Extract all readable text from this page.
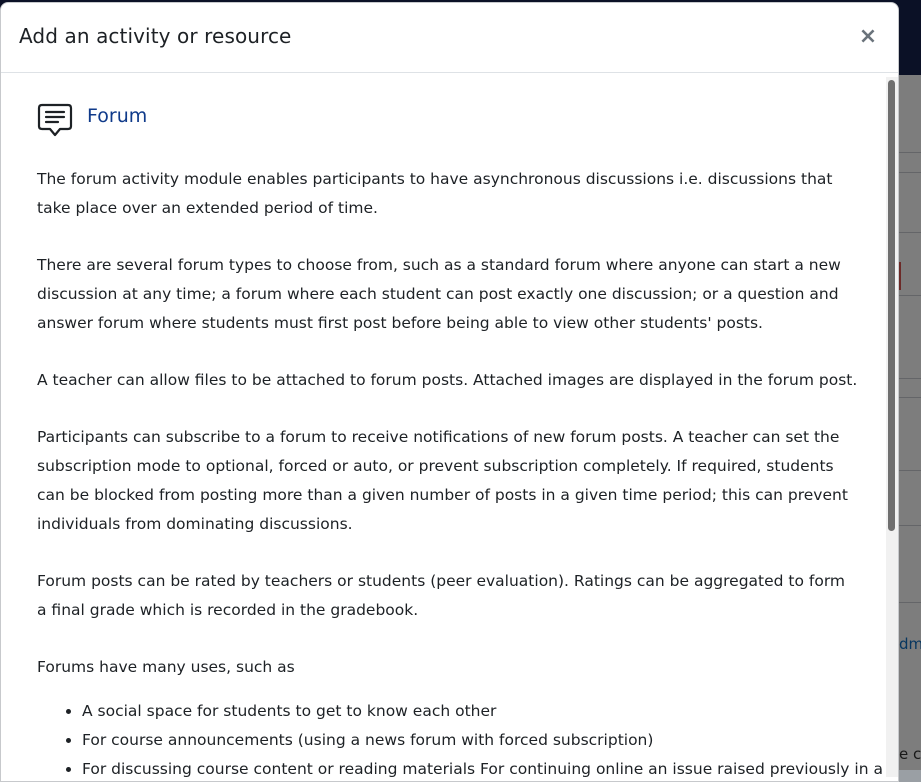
Add an activity or resource	×
Forum

The forum activity module enables participants to have asynchronous discussions i.e. discussions that take place over an extended period of time.

There are several forum types to choose from, such as a standard forum where anyone can start a new discussion at any time; a forum where each student can post exactly one discussion; or a question and answer forum where students must first post before being able to view other students' posts.

A teacher can allow files to be attached to forum posts. Attached images are displayed in the forum post.

Participants can subscribe to a forum to receive notifications of new forum posts. A teacher can set the subscription mode to optional, forced or auto, or prevent subscription completely. If required, students can be blocked from posting more than a given number of posts in a given time period; this can prevent individuals from dominating discussions.

Forum posts can be rated by teachers or students (peer evaluation). Ratings can be aggregated to form a final grade which is recorded in the gradebook.

Forums have many uses, such as

• A social space for students to get to know each other
• For course announcements (using a news forum with forced subscription)
• For discussing course content or reading materials For continuing online an issue raised previously in a
